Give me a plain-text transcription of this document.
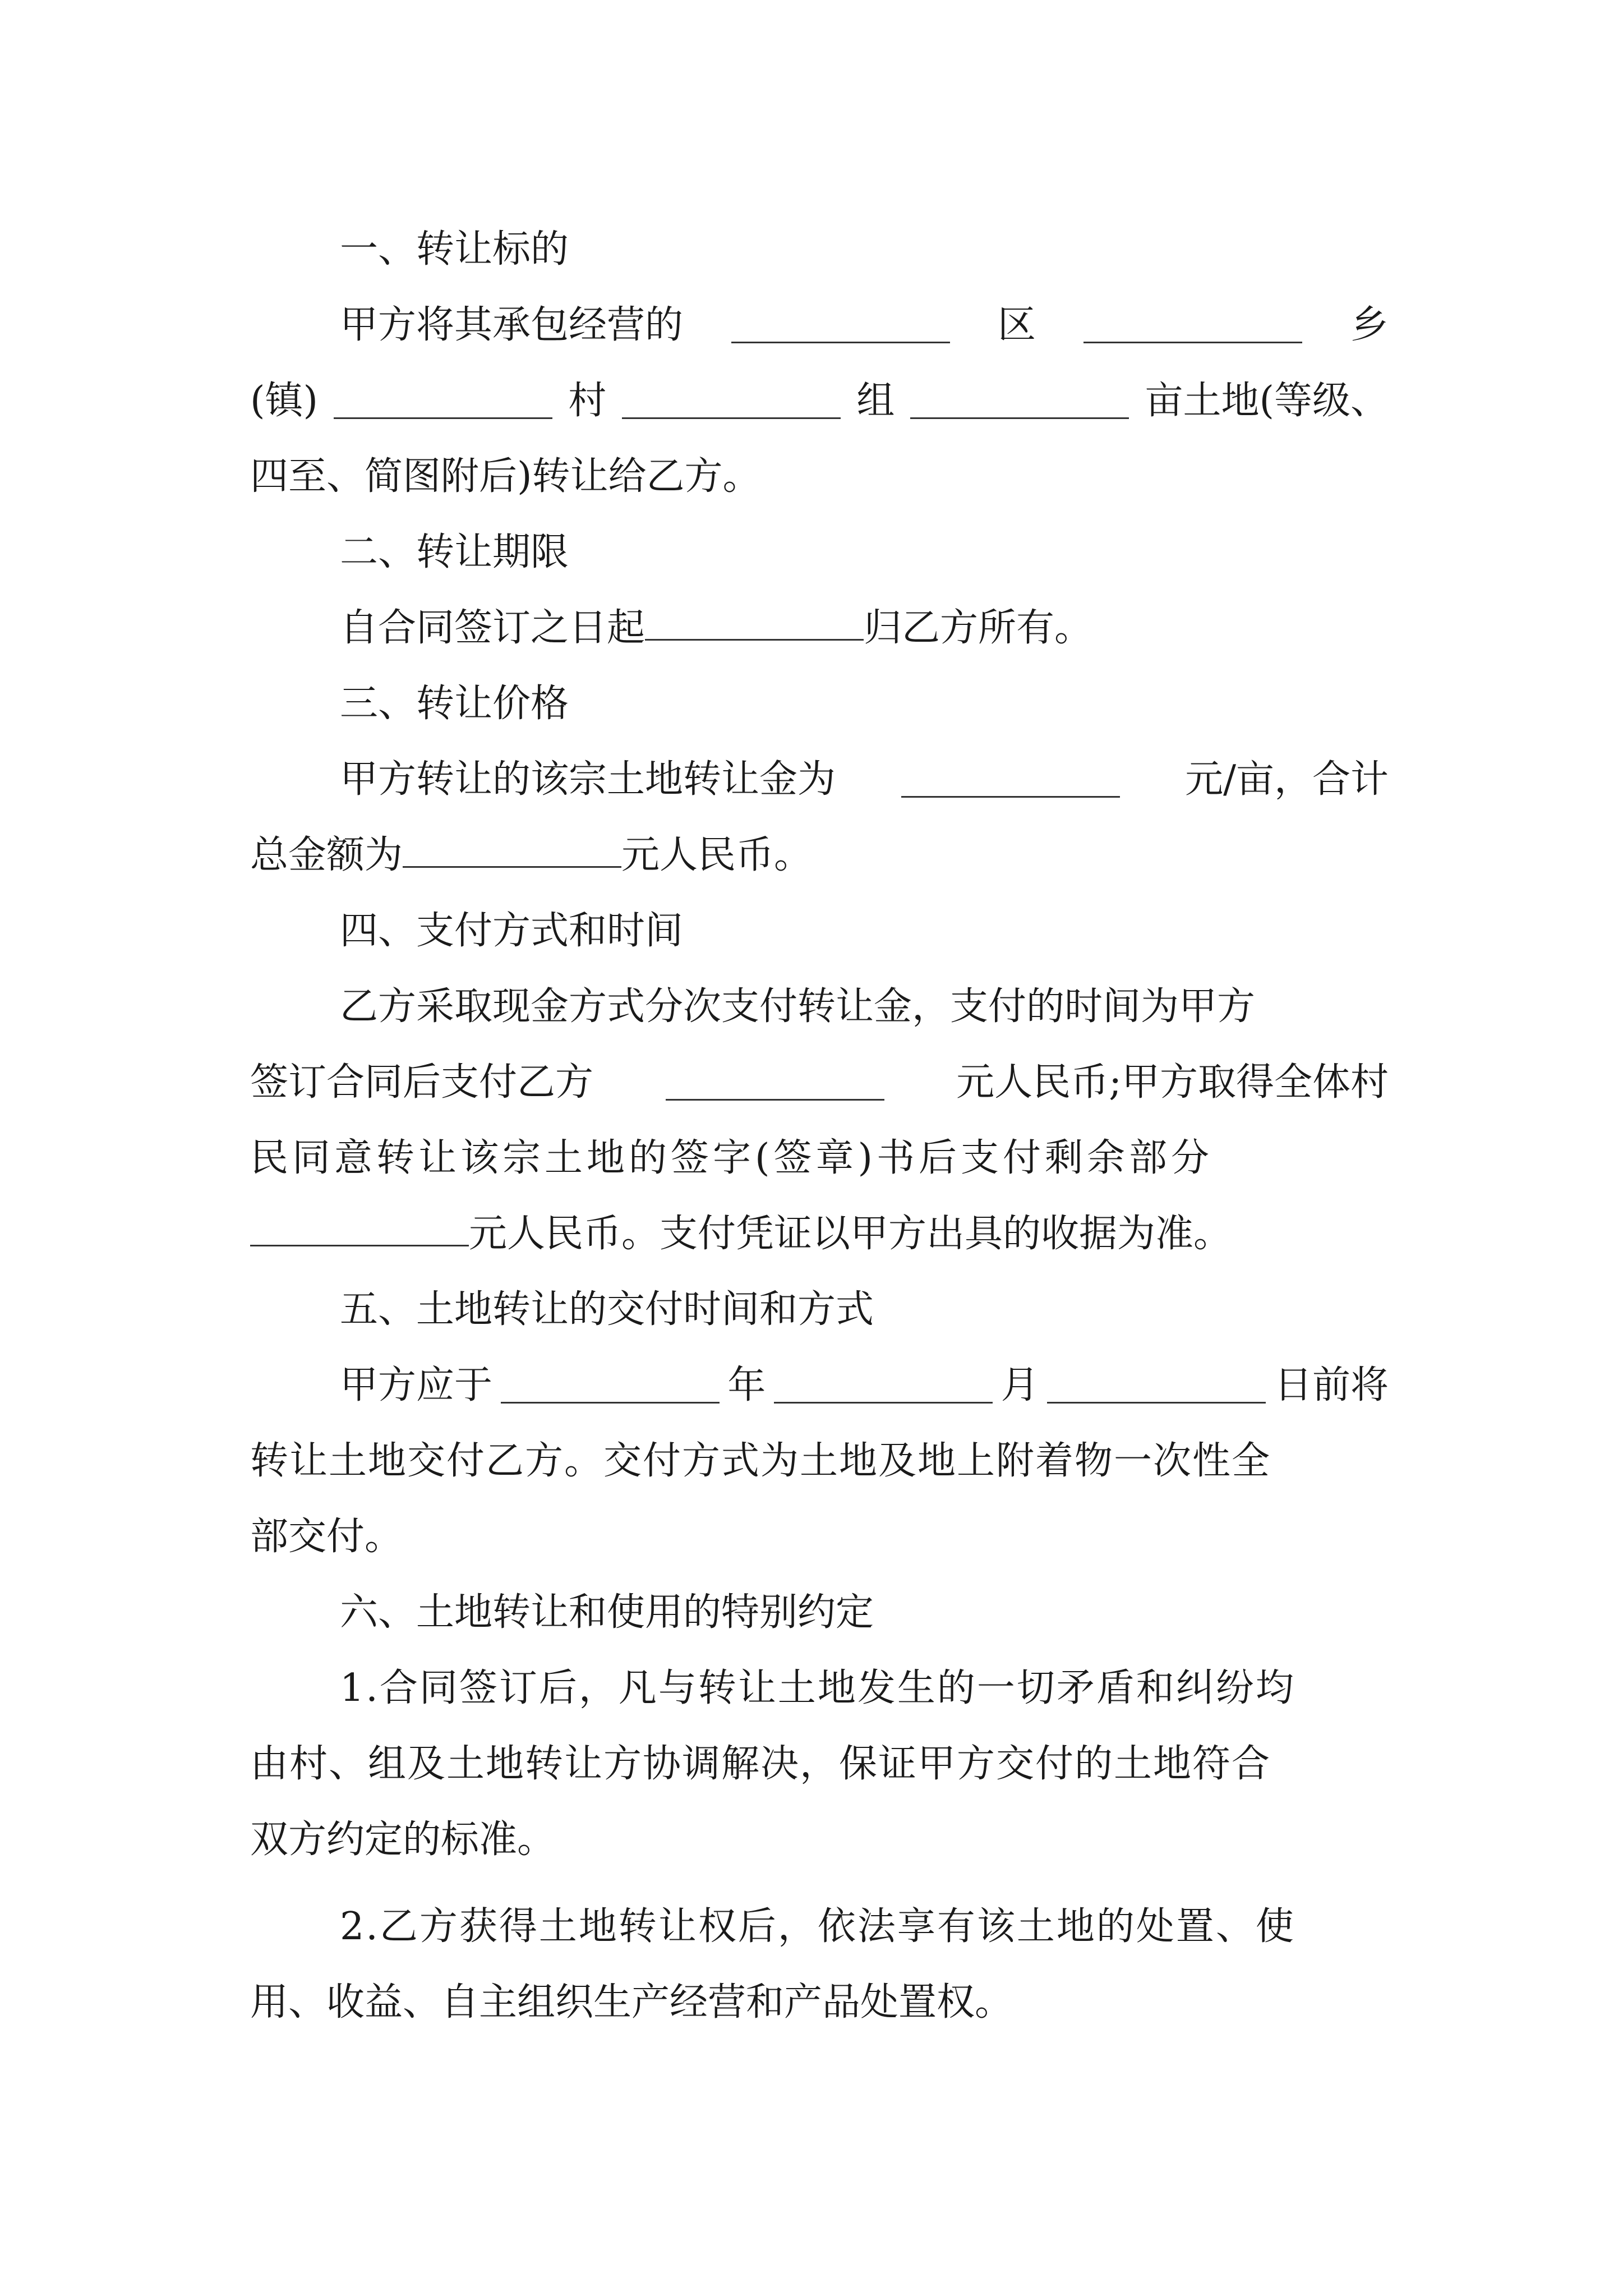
一、转让标的
甲方将其承包经营的	区	乡
(镇)	村	组	亩土地(等级、
四至、简图附后)转让给乙方。
二、转让期限
自合同签订之日起	归乙方所有。
三、转让价格
甲方转让的该宗土地转让金为	元/亩，合计
总金额为	元人民币。
四、支付方式和时间
乙方采取现金方式分次支付转让金，支付的时间为甲方
签订合同后支付乙方	元人民币;甲方取得全体村
民同意转让该宗土地的签字(签章)书后支付剩余部分
元人民币。支付凭证以甲方出具的收据为准。
五、土地转让的交付时间和方式
甲方应于	年	月	日前将
转让土地交付乙方。交付方式为土地及地上附着物一次性全
部交付。
六、土地转让和使用的特别约定
1.合同签订后，凡与转让土地发生的一切矛盾和纠纷均
由村、组及土地转让方协调解决，保证甲方交付的土地符合
双方约定的标准。
2.乙方获得土地转让权后，依法享有该土地的处置、使
用、收益、自主组织生产经营和产品处置权。
